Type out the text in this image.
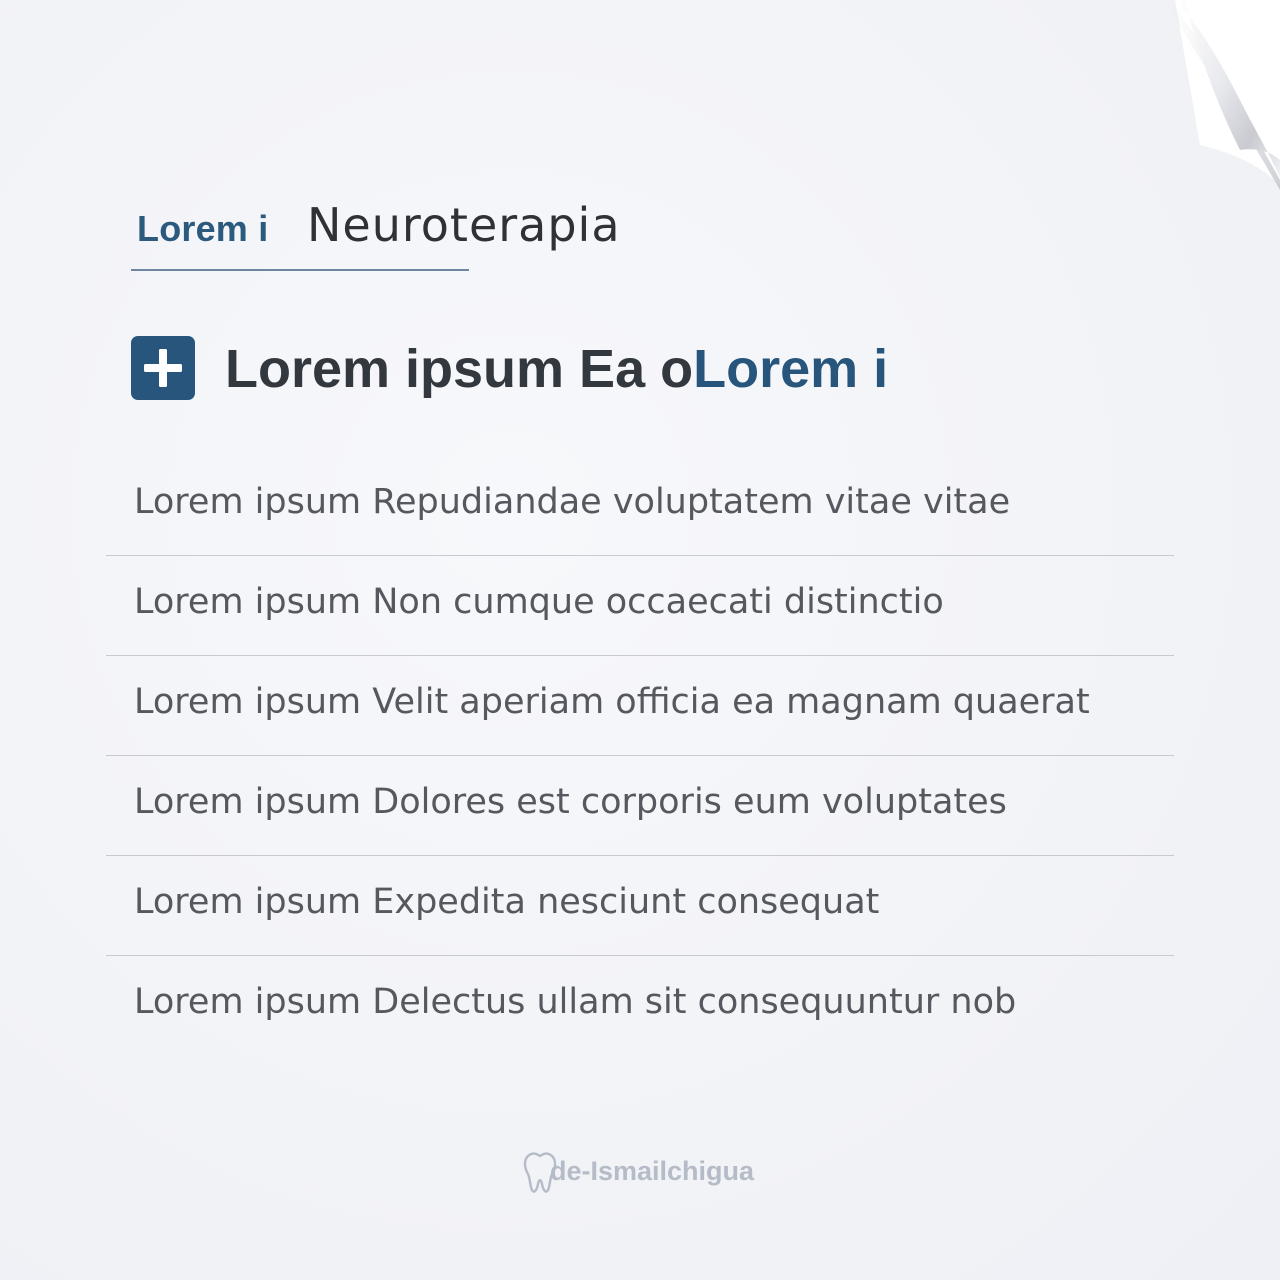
Lorem i Neuroterapia
Lorem ipsum Ea oLorem i
Lorem ipsum Repudiandae voluptatem vitae vitae
Lorem ipsum Non cumque occaecati distinctio
Lorem ipsum Velit aperiam officia ea magnam quaerat
Lorem ipsum Dolores est corporis eum voluptates
Lorem ipsum Expedita nesciunt consequat
Lorem ipsum Delectus ullam sit consequuntur nob
de-Ismailchigua
